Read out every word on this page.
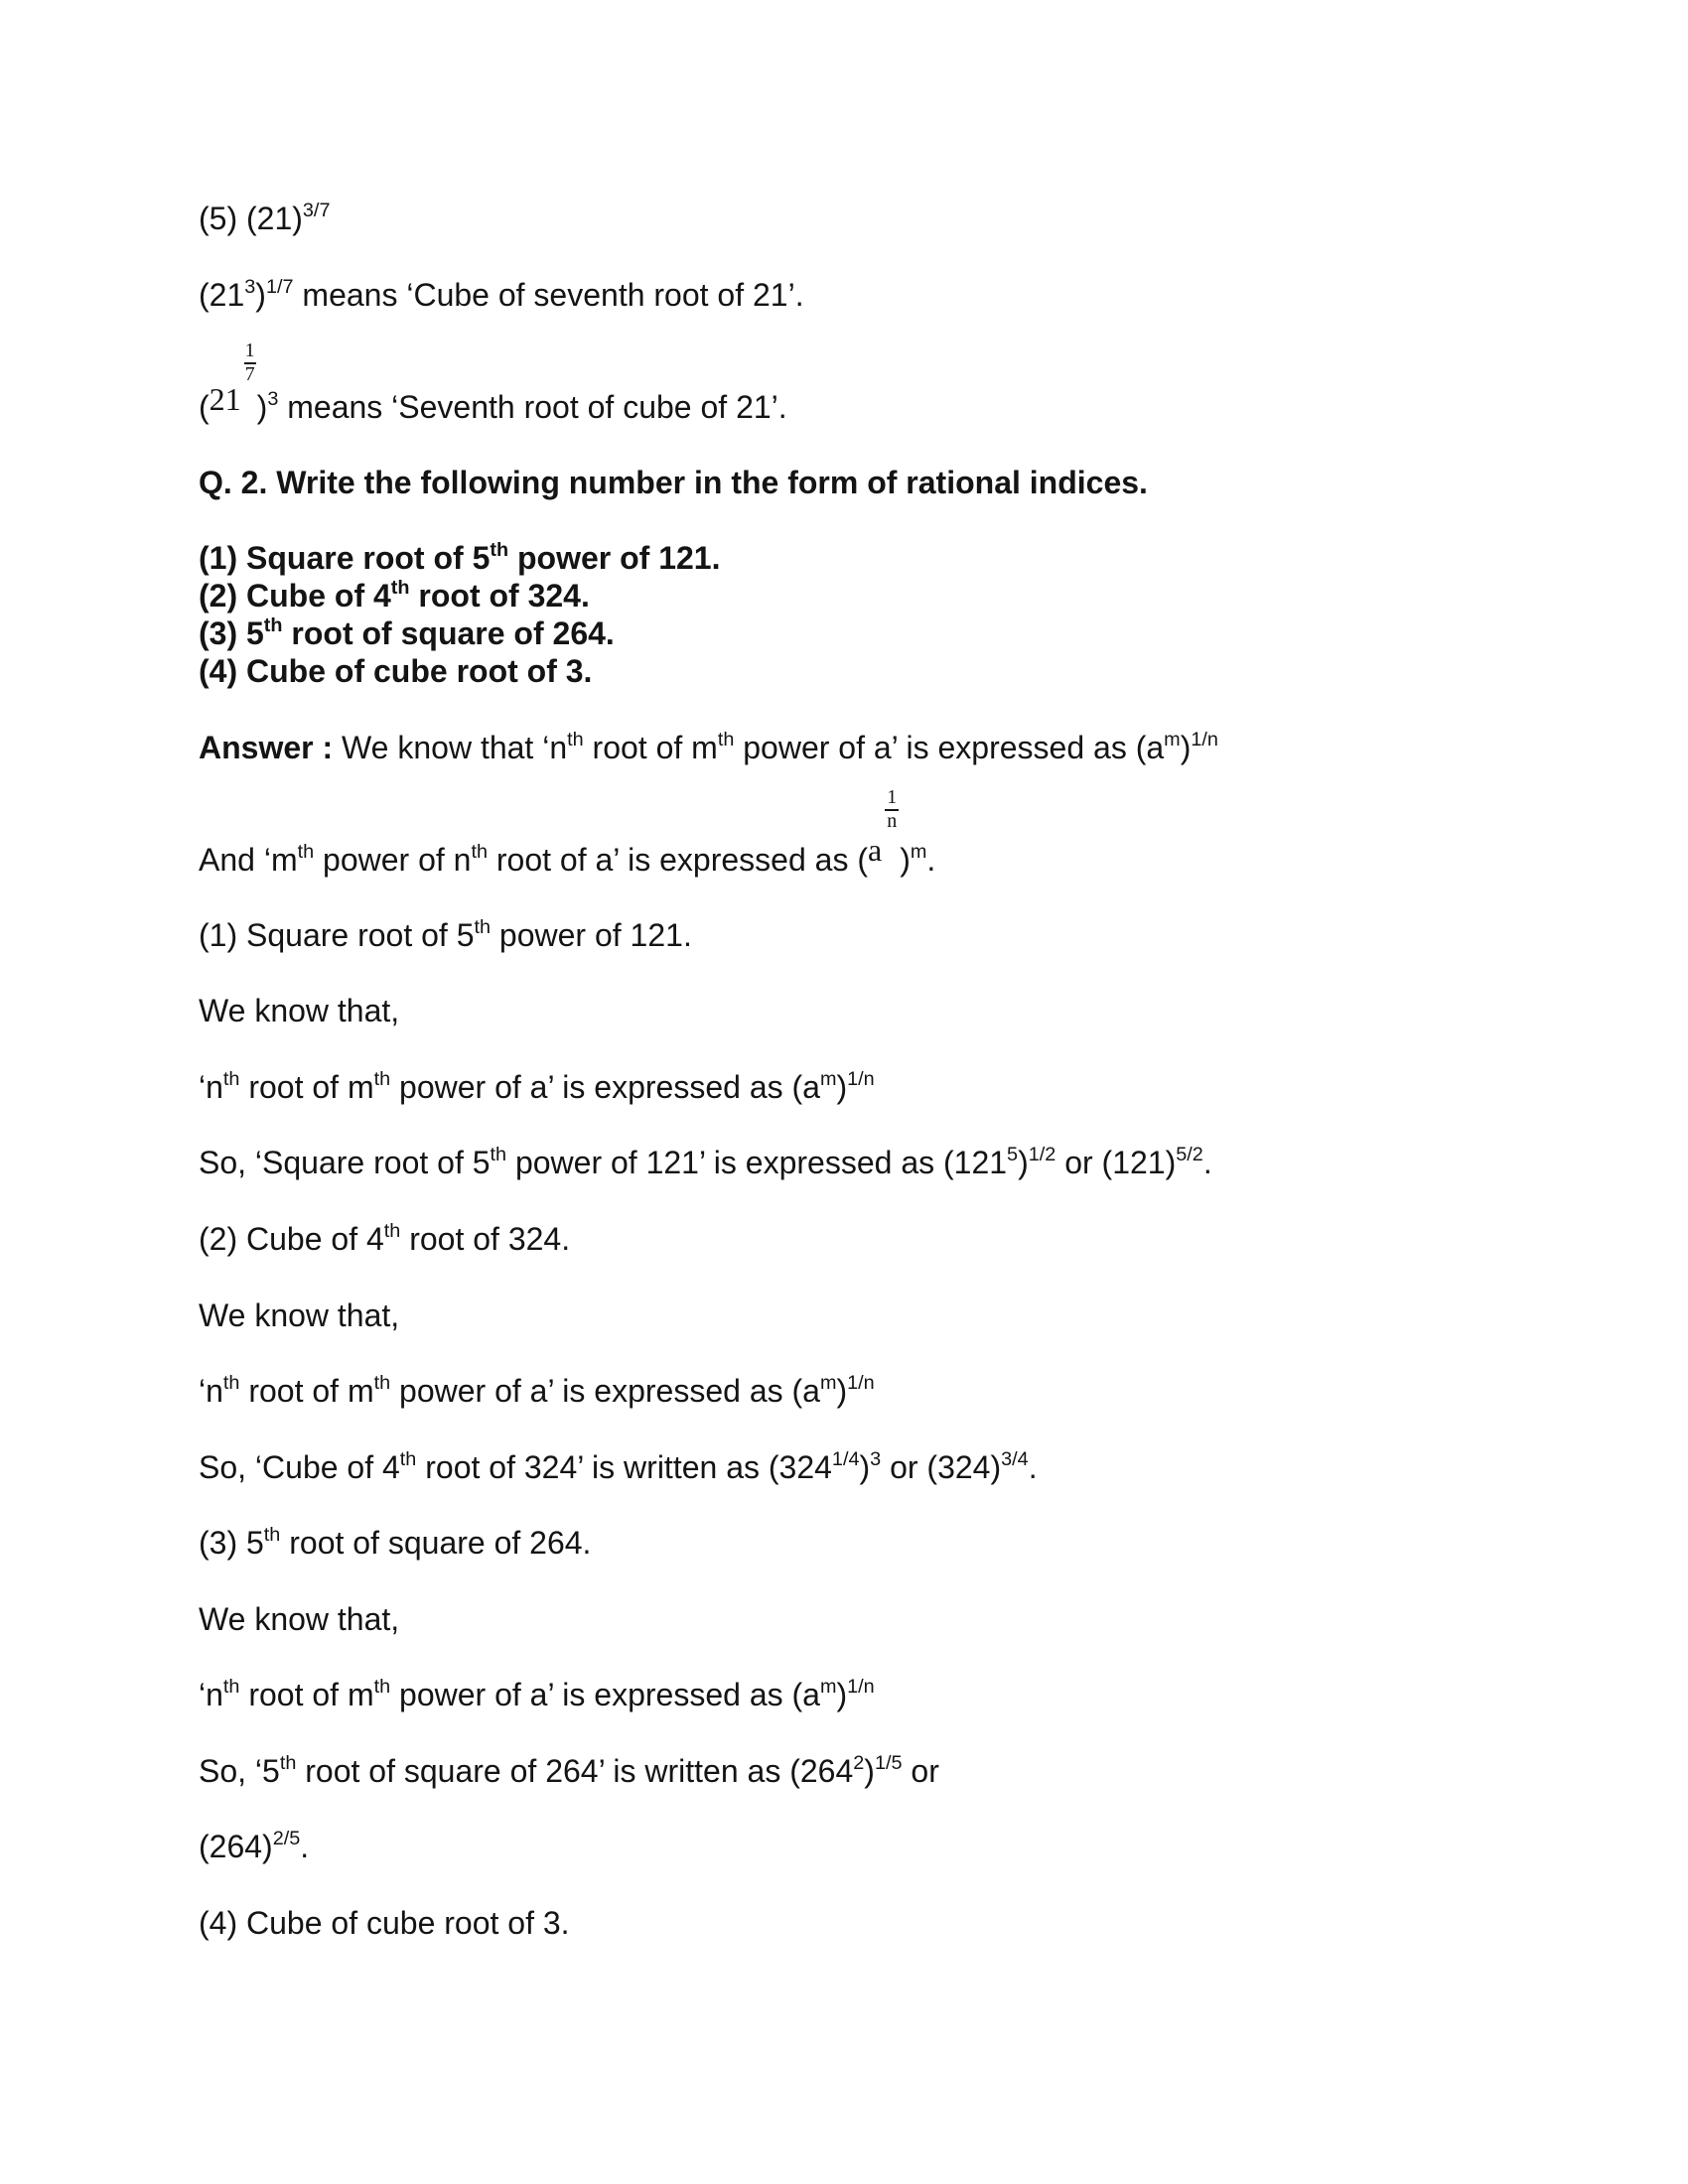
(5) $(21)^{3/7}$

$(21^3)^{1/7}$ means ‘Cube of seventh root of 21’.

$(21 \frac{1}{7} )^3$ means ‘Seventh root of cube of 21’.

Q. 2. Write the following number in the form of rational indices.

(1) Square root of 5th power of 121.

(2) Cube of 4th root of 324.

(3) 5th root of square of 264.

(4) Cube of cube root of 3.

Answer : We know that ‘$n^{th}$ root of $m^{th}$ power of a’ is expressed as $(a^m)^{1/n}$

And ‘$m^{th}$ power of $n^{th}$ root of a’ is expressed as $(a \frac{1}{n} )^m$.

(1) Square root of 5th power of 121.

We know that,

‘$n^{th}$ root of $m^{th}$ power of a’ is expressed as $(a^m)^{1/n}$

So, ‘Square root of 5th power of 121’ is expressed as $(121^5)^{1/2}$ or $(121)^{5/2}$.

(2) Cube of 4th root of 324.

We know that,

‘$n^{th}$ root of $m^{th}$ power of a’ is expressed as $(a^m)^{1/n}$

So, ‘Cube of 4th root of 324’ is written as $(324^{1/4})^3$ or $(324)^{3/4}$.

(3) 5th root of square of 264.

We know that,

‘$n^{th}$ root of $m^{th}$ power of a’ is expressed as $(a^m)^{1/n}$

So, ‘5th root of square of 264’ is written as $(264^2)^{1/5}$ or

$(264)^{2/5}$.

(4) Cube of cube root of 3.
